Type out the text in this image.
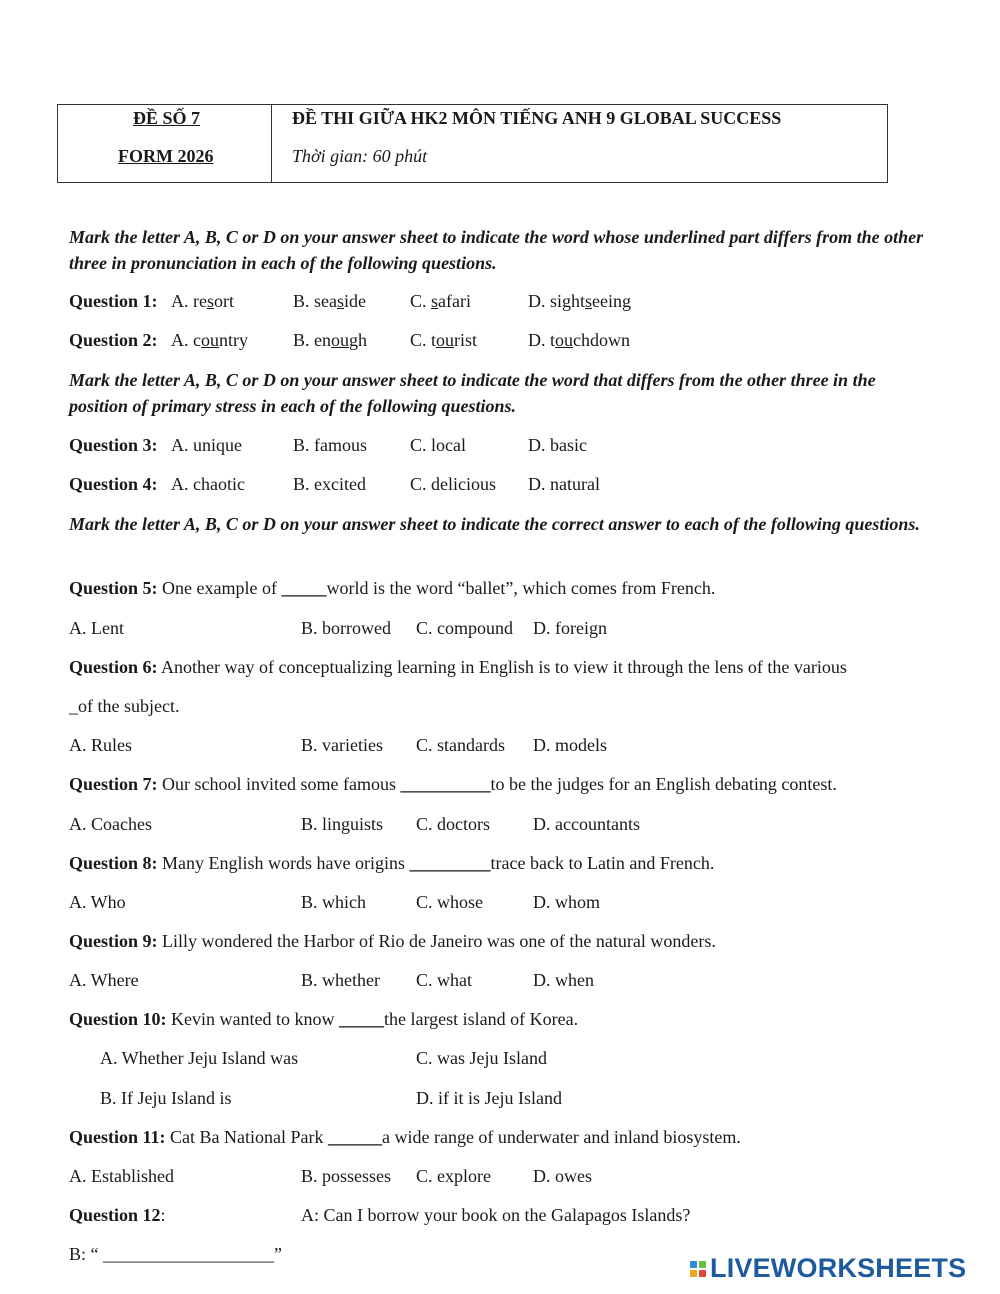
ĐỀ SỐ 7
FORM 2026
ĐỀ THI GIỮA HK2 MÔN TIẾNG ANH 9 GLOBAL SUCCESS
Thời gian: 60 phút
Mark the letter A, B, C or D on your answer sheet to indicate the word whose underlined part differs from the other three in pronunciation in each of the following questions.
Question 1: A. resort	B. seaside C. safari	D. sightseeing
Question 2: A. country	B. enough C. tourist	D. touchdown
Mark the letter A, B, C or D on your answer sheet to indicate the word that differs from the other three in the position of primary stress in each of the following questions.
Question 3: A. unique	B. famous C. local	D. basic
Question 4: A. chaotic	B. excited C. delicious D. natural
Mark the letter A, B, C or D on your answer sheet to indicate the correct answer to each of the following questions.
Question 5: One example of _____world is the word “ballet”, which comes from French.
A. Lent	B. borrowed C. compound D. foreign
Question 6: Another way of conceptualizing learning in English is to view it through the lens of the various
_of the subject.
A. Rules	B. varieties C. standards D. models
Question 7: Our school invited some famous __________to be the judges for an English debating contest.
A. Coaches	B. linguists C. doctors D. accountants
Question 8: Many English words have origins _________trace back to Latin and French.
A. Who	B. which	C. whose	D. whom
Question 9: Lilly wondered the Harbor of Rio de Janeiro was one of the natural wonders.
A. Where	B. whether C. what	D. when
Question 10: Kevin wanted to know _____the largest island of Korea.
A. Whether Jeju Island was	C. was Jeju Island
B. If Jeju Island is	D. if it is Jeju Island
Question 11: Cat Ba National Park ______a wide range of underwater and inland biosystem.
A. Established	B. possesses C. explore D. owes
Question 12:	A: Can I borrow your book on the Galapagos Islands?
B: “ ___________________”	LIVEWORKSHEETS
